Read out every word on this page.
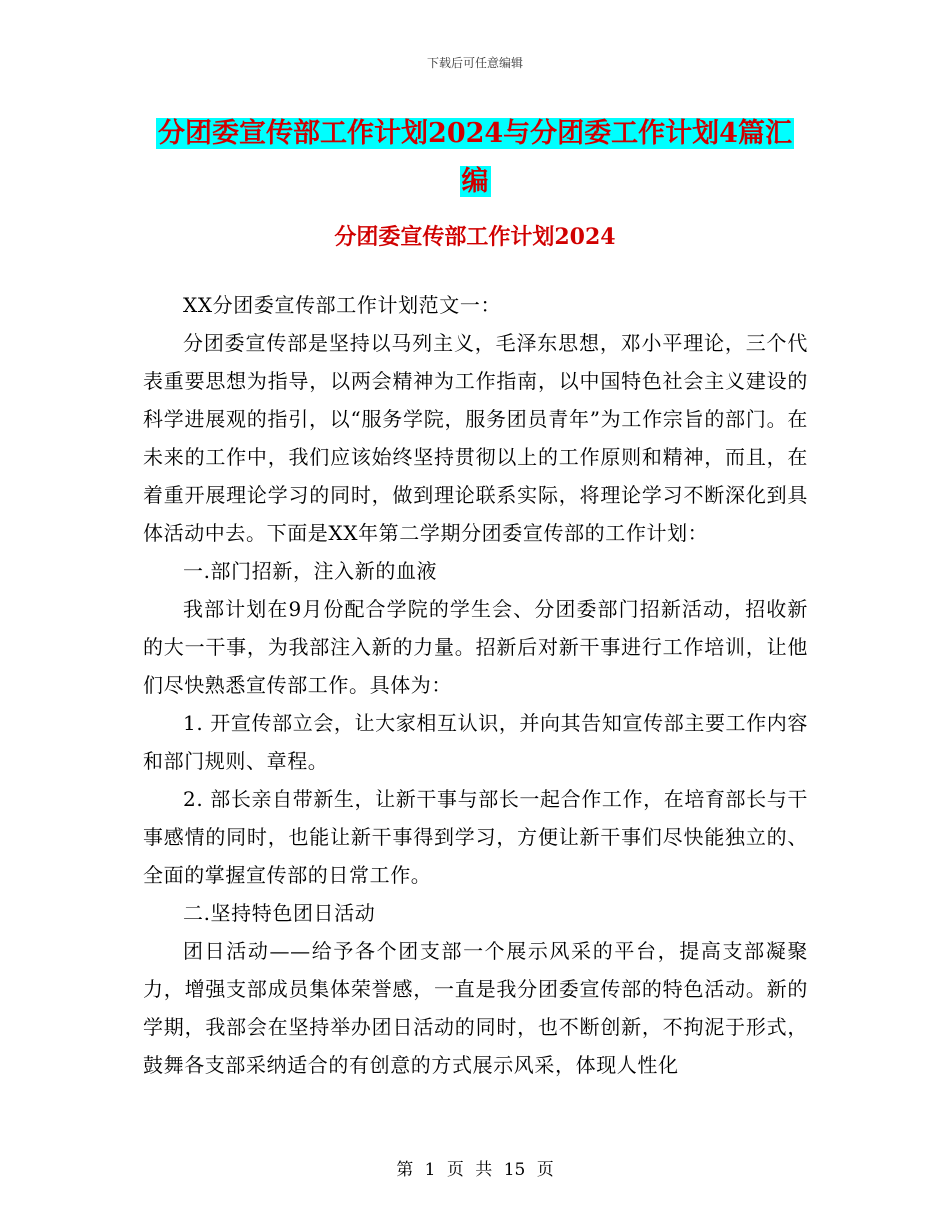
下载后可任意编辑
分团委宣传部工作计划2024与分团委工作计划4篇汇
编
分团委宣传部工作计划2024

XX分团委宣传部工作计划范文一：

分团委宣传部是坚持以马列主义，毛泽东思想，邓小平理论，三个代表重要思想为指导，以两会精神为工作指南，以中国特色社会主义建设的科学进展观的指引，以“服务学院，服务团员青年”为工作宗旨的部门。在未来的工作中，我们应该始终坚持贯彻以上的工作原则和精神，而且，在着重开展理论学习的同时，做到理论联系实际，将理论学习不断深化到具体活动中去。下面是XX年第二学期分团委宣传部的工作计划：

一.部门招新，注入新的血液

我部计划在9月份配合学院的学生会、分团委部门招新活动，招收新的大一干事，为我部注入新的力量。招新后对新干事进行工作培训，让他们尽快熟悉宣传部工作。具体为：

1. 开宣传部立会，让大家相互认识，并向其告知宣传部主要工作内容和部门规则、章程。

2. 部长亲自带新生，让新干事与部长一起合作工作，在培育部长与干事感情的同时，也能让新干事得到学习，方便让新干事们尽快能独立的、全面的掌握宣传部的日常工作。

二.坚持特色团日活动

团日活动——给予各个团支部一个展示风采的平台，提高支部凝聚力，增强支部成员集体荣誉感，一直是我分团委宣传部的特色活动。新的学期，我部会在坚持举办团日活动的同时，也不断创新，不拘泥于形式，鼓舞各支部采纳适合的有创意的方式展示风采，体现人性化

第 1 页 共 15 页
